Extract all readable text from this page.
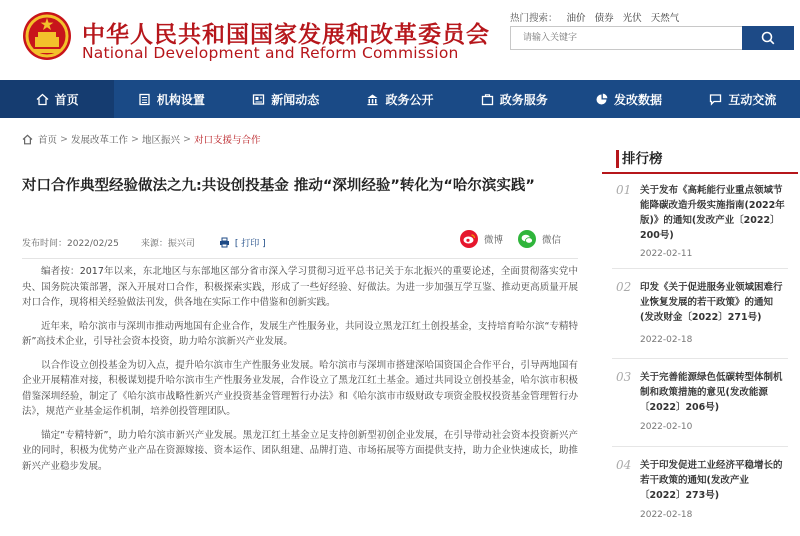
中华人民共和国国家发展和改革委员会
National Development and Reform Commission
热门搜索： 油价 债券 光伏 天然气
请输入关键字
首页	机构设置	新闻动态	政务公开	政务服务	发改数据	互动交流
首页 > 发展改革工作 > 地区振兴 > 对口支援与合作
对口合作典型经验做法之九:共设创投基金 推动“深圳经验”转化为“哈尔滨实践”
发布时间：2022/02/25 来源：振兴司	[ 打印 ]	微博	微信

编者按：2017年以来，东北地区与东部地区部分省市深入学习贯彻习近平总书记关于东北振兴的重要论述，全面贯彻落实党中央、国务院决策部署，深入开展对口合作，积极探索实践，形成了一些好经验、好做法。为进一步加强互学互鉴、推动更高质量开展对口合作，现将相关经验做法刊发，供各地在实际工作中借鉴和创新实践。

近年来，哈尔滨市与深圳市推动两地国有企业合作，发展生产性服务业，共同设立黑龙江红土创投基金，支持培育哈尔滨“专精特新”高技术企业，引导社会资本投资，助力哈尔滨新兴产业发展。

以合作设立创投基金为切入点，提升哈尔滨市生产性服务业发展。哈尔滨市与深圳市搭建深哈国资国企合作平台，引导两地国有企业开展精准对接，积极谋划提升哈尔滨市生产性服务业发展，合作设立了黑龙江红土基金。通过共同设立创投基金，哈尔滨市积极借鉴深圳经验，制定了《哈尔滨市战略性新兴产业投资基金管理暂行办法》和《哈尔滨市市级财政专项资金股权投资基金管理暂行办法》，规范产业基金运作机制，培养创投管理团队。

锚定“专精特新”，助力哈尔滨市新兴产业发展。黑龙江红土基金立足支持创新型初创企业发展，在引导带动社会资本投资新兴产业的同时，积极为优势产业产品在资源嫁接、资本运作、团队组建、品牌打造、市场拓展等方面提供支持，助力企业快速成长，助推新兴产业稳步发展。

排行榜
01 关于发布《高耗能行业重点领域节能降碳改造升级实施指南(2022年版)》的通知(发改产业〔2022〕200号)
2022-02-11
02 印发《关于促进服务业领域困难行业恢复发展的若干政策》的通知(发改财金〔2022〕271号)
2022-02-18
03 关于完善能源绿色低碳转型体制机制和政策措施的意见(发改能源〔2022〕206号)
2022-02-10
04 关于印发促进工业经济平稳增长的若干政策的通知(发改产业〔2022〕273号)
2022-02-18
